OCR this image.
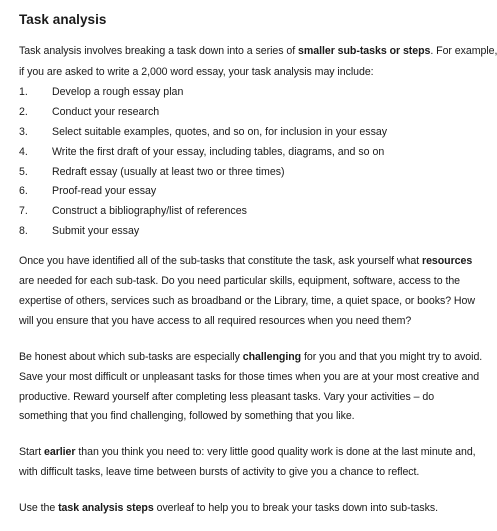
Task analysis
Task analysis involves breaking a task down into a series of smaller sub-tasks or steps. For example,
if you are asked to write a 2,000 word essay, your task analysis may include:
1. Develop a rough essay plan
2. Conduct your research
3. Select suitable examples, quotes, and so on, for inclusion in your essay
4. Write the first draft of your essay, including tables, diagrams, and so on
5. Redraft essay (usually at least two or three times)
6. Proof-read your essay
7. Construct a bibliography/list of references
8. Submit your essay
Once you have identified all of the sub-tasks that constitute the task, ask yourself what resources
are needed for each sub-task. Do you need particular skills, equipment, software, access to the
expertise of others, services such as broadband or the Library, time, a quiet space, or books? How
will you ensure that you have access to all required resources when you need them?
Be honest about which sub-tasks are especially challenging for you and that you might try to avoid.
Save your most difficult or unpleasant tasks for those times when you are at your most creative and
productive. Reward yourself after completing less pleasant tasks. Vary your activities – do
something that you find challenging, followed by something that you like.
Start earlier than you think you need to: very little good quality work is done at the last minute and,
with difficult tasks, leave time between bursts of activity to give you a chance to reflect.
Use the task analysis steps overleaf to help you to break your tasks down into sub-tasks.
